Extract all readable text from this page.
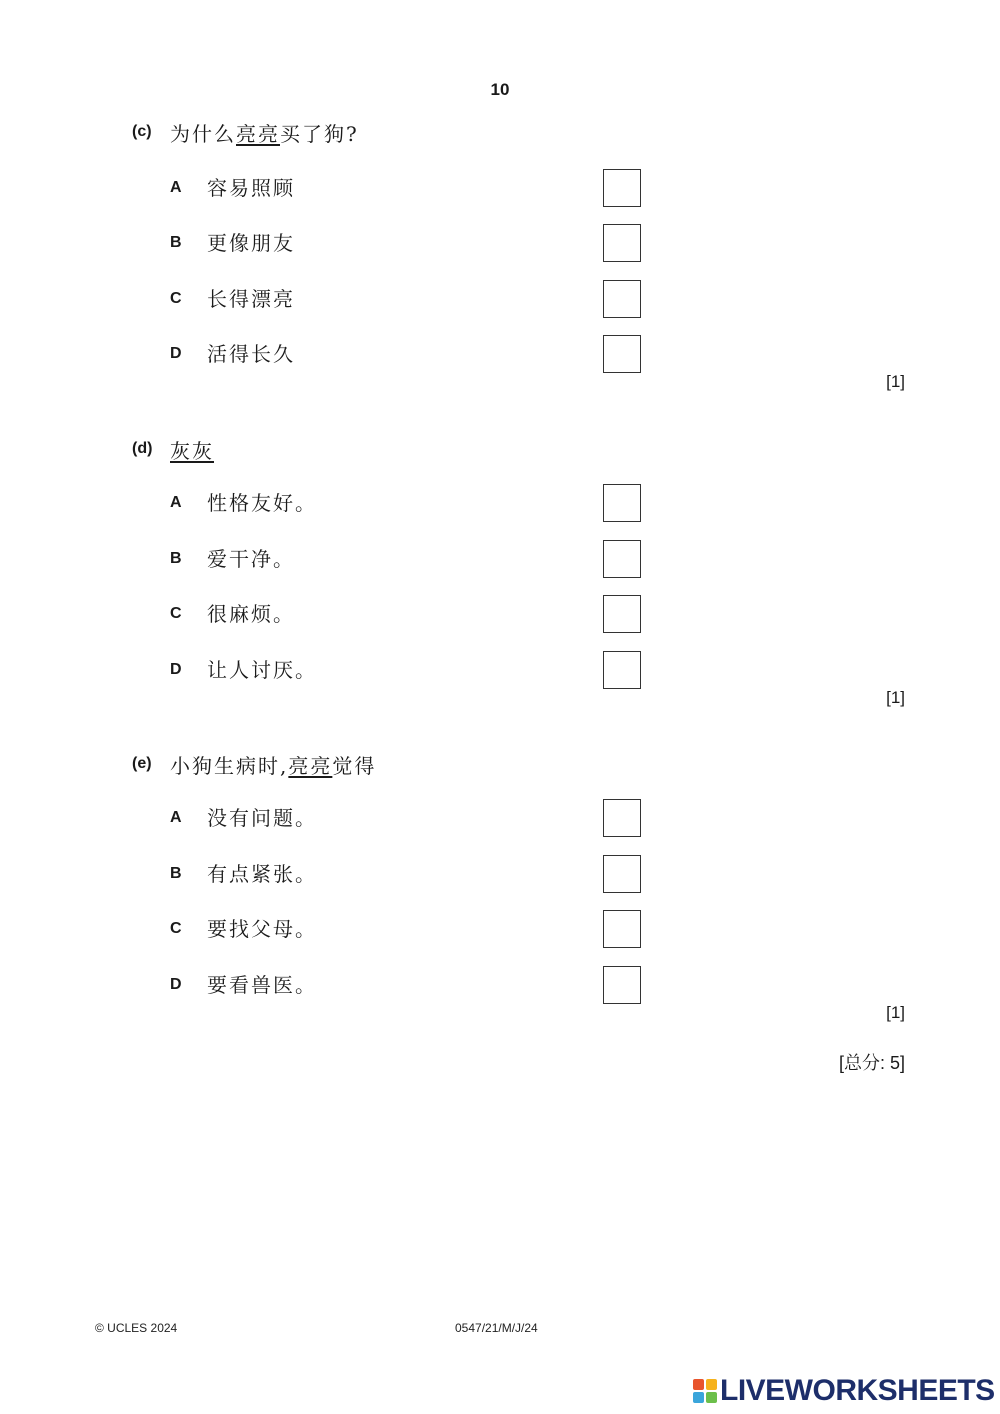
10
(c) 为什么亮亮买了狗?
A 容易照顾
B 更像朋友
C 长得漂亮
D 活得长久
[1]
(d) 灰灰
A 性格友好。
B 爱干净。
C 很麻烦。
D 让人讨厌。
[1]
(e) 小狗生病时,亮亮觉得
A 没有问题。
B 有点紧张。
C 要找父母。
D 要看兽医。
[1]
[总分: 5]
© UCLES 2024	0547/21/M/J/24
LIVEWORKSHEETS
